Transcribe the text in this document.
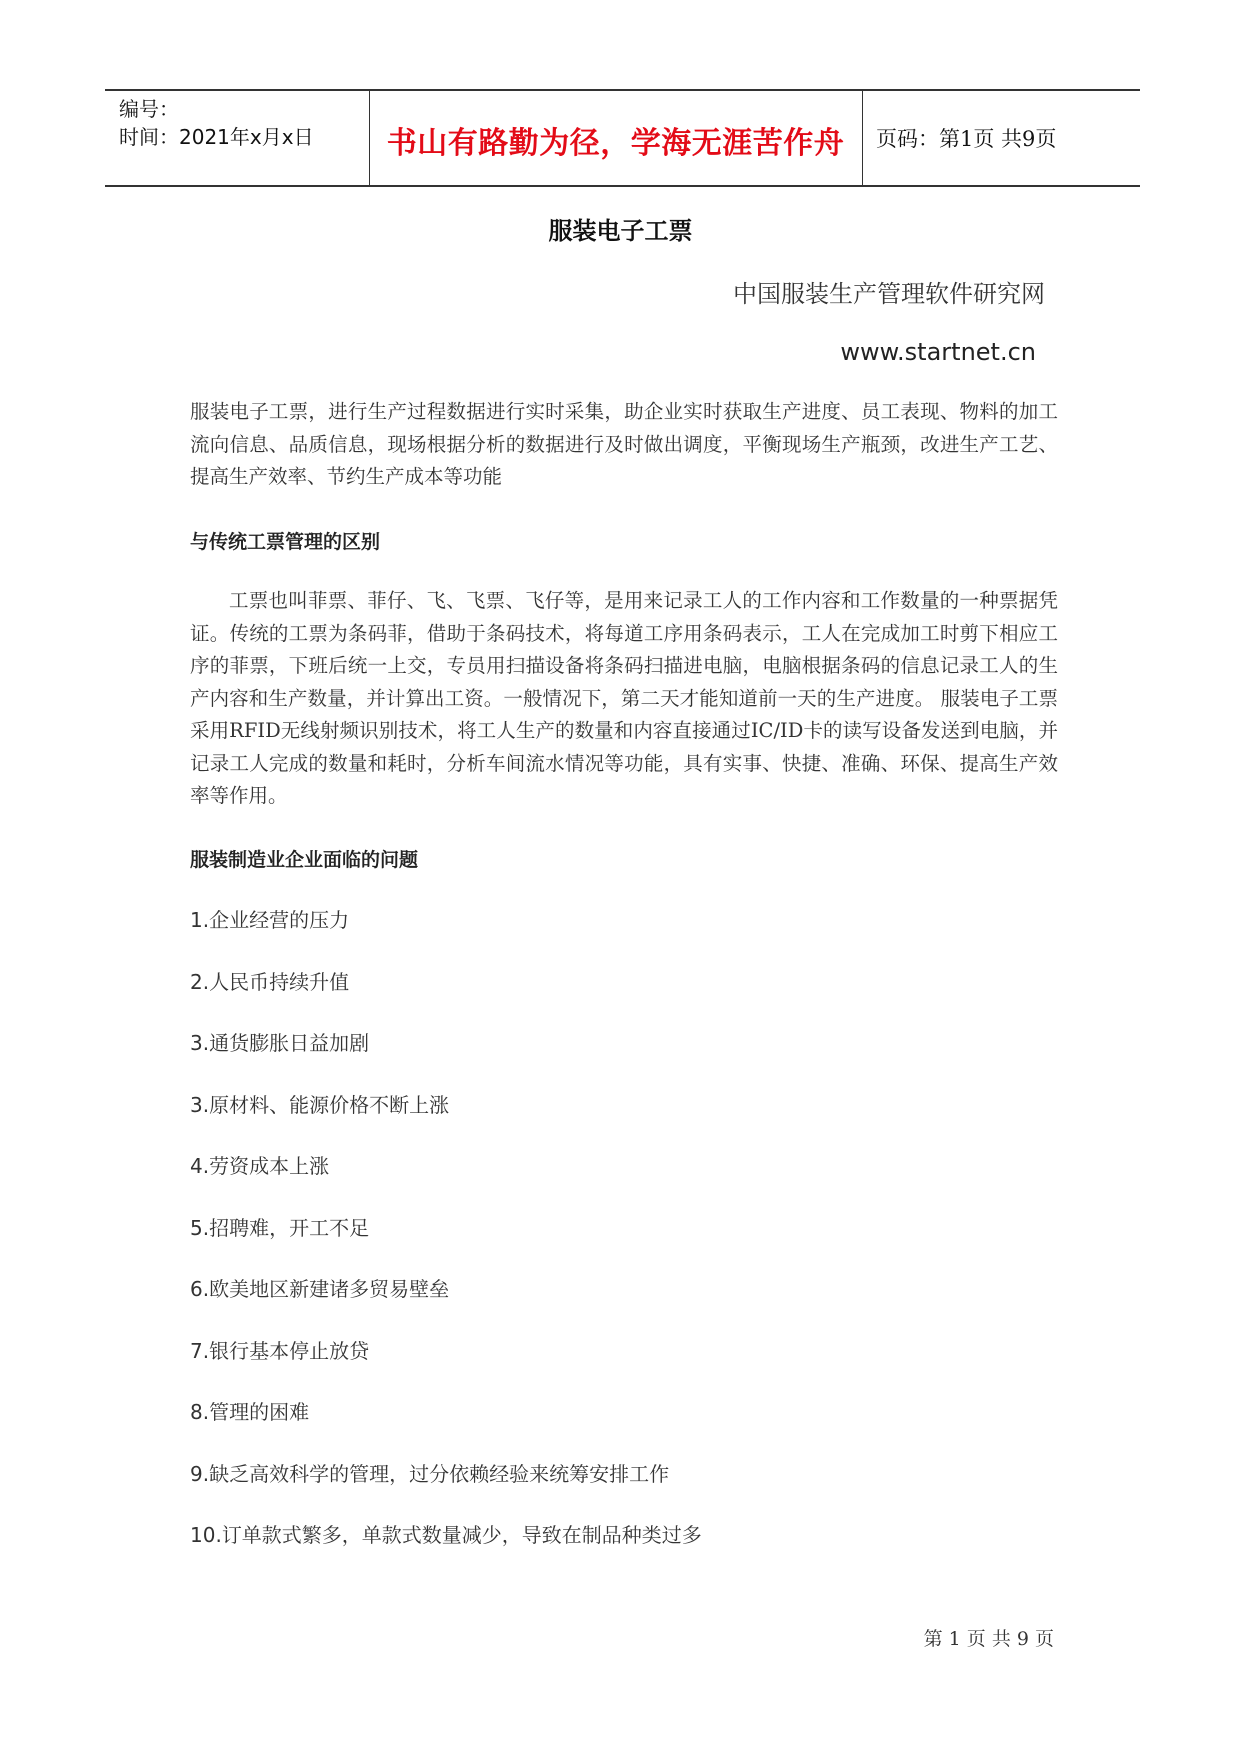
编号：
时间：2021年x月x日	书山有路勤为径，学海无涯苦作舟	页码：第1页 共9页
服装电子工票
中国服装生产管理软件研究网
www.startnet.cn

服装电子工票，进行生产过程数据进行实时采集，助企业实时获取生产进度、员工表现、物料的加工流向信息、品质信息，现场根据分析的数据进行及时做出调度，平衡现场生产瓶颈，改进生产工艺、提高生产效率、节约生产成本等功能

与传统工票管理的区别

工票也叫菲票、菲仔、飞、飞票、飞仔等，是用来记录工人的工作内容和工作数量的一种票据凭证。传统的工票为条码菲，借助于条码技术，将每道工序用条码表示，工人在完成加工时剪下相应工序的菲票，下班后统一上交，专员用扫描设备将条码扫描进电脑，电脑根据条码的信息记录工人的生产内容和生产数量，并计算出工资。一般情况下，第二天才能知道前一天的生产进度。 服装电子工票采用RFID无线射频识别技术，将工人生产的数量和内容直接通过IC/ID卡的读写设备发送到电脑，并记录工人完成的数量和耗时，分析车间流水情况等功能，具有实事、快捷、准确、环保、提高生产效率等作用。

服装制造业企业面临的问题
1.企业经营的压力
2.人民币持续升值
3.通货膨胀日益加剧
3.原材料、能源价格不断上涨
4.劳资成本上涨
5.招聘难，开工不足
6.欧美地区新建诸多贸易壁垒
7.银行基本停止放贷
8.管理的困难
9.缺乏高效科学的管理，过分依赖经验来统筹安排工作
10.订单款式繁多，单款式数量减少，导致在制品种类过多
第 1 页 共 9 页
